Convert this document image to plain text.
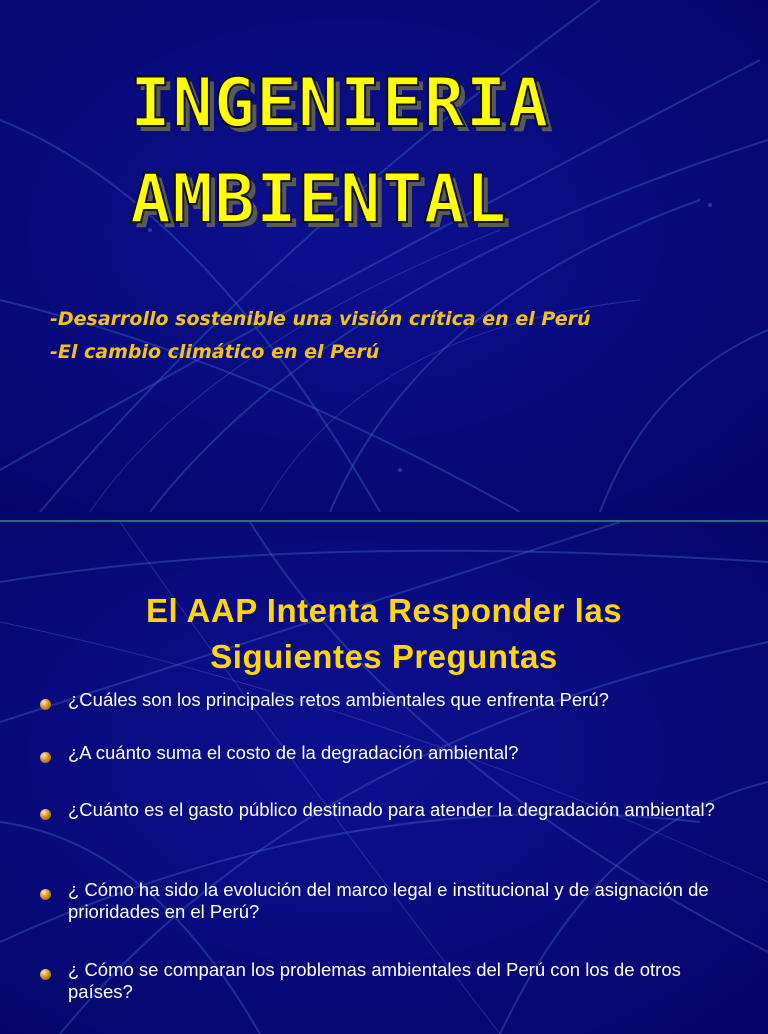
INGENIERIA
AMBIENTAL
-Desarrollo sostenible una visión crítica en el Perú
-El cambio climático en el Perú
El AAP Intenta Responder las
Siguientes Preguntas
¿Cuáles son los principales retos ambientales que enfrenta Perú?
¿A cuánto suma el costo de la degradación ambiental?
¿Cuánto es el gasto público destinado para atender la degradación ambiental?
¿ Cómo ha sido la evolución del marco legal e institucional y de asignación de prioridades en el Perú?
¿ Cómo se comparan los problemas ambientales del Perú con los de otros países?
